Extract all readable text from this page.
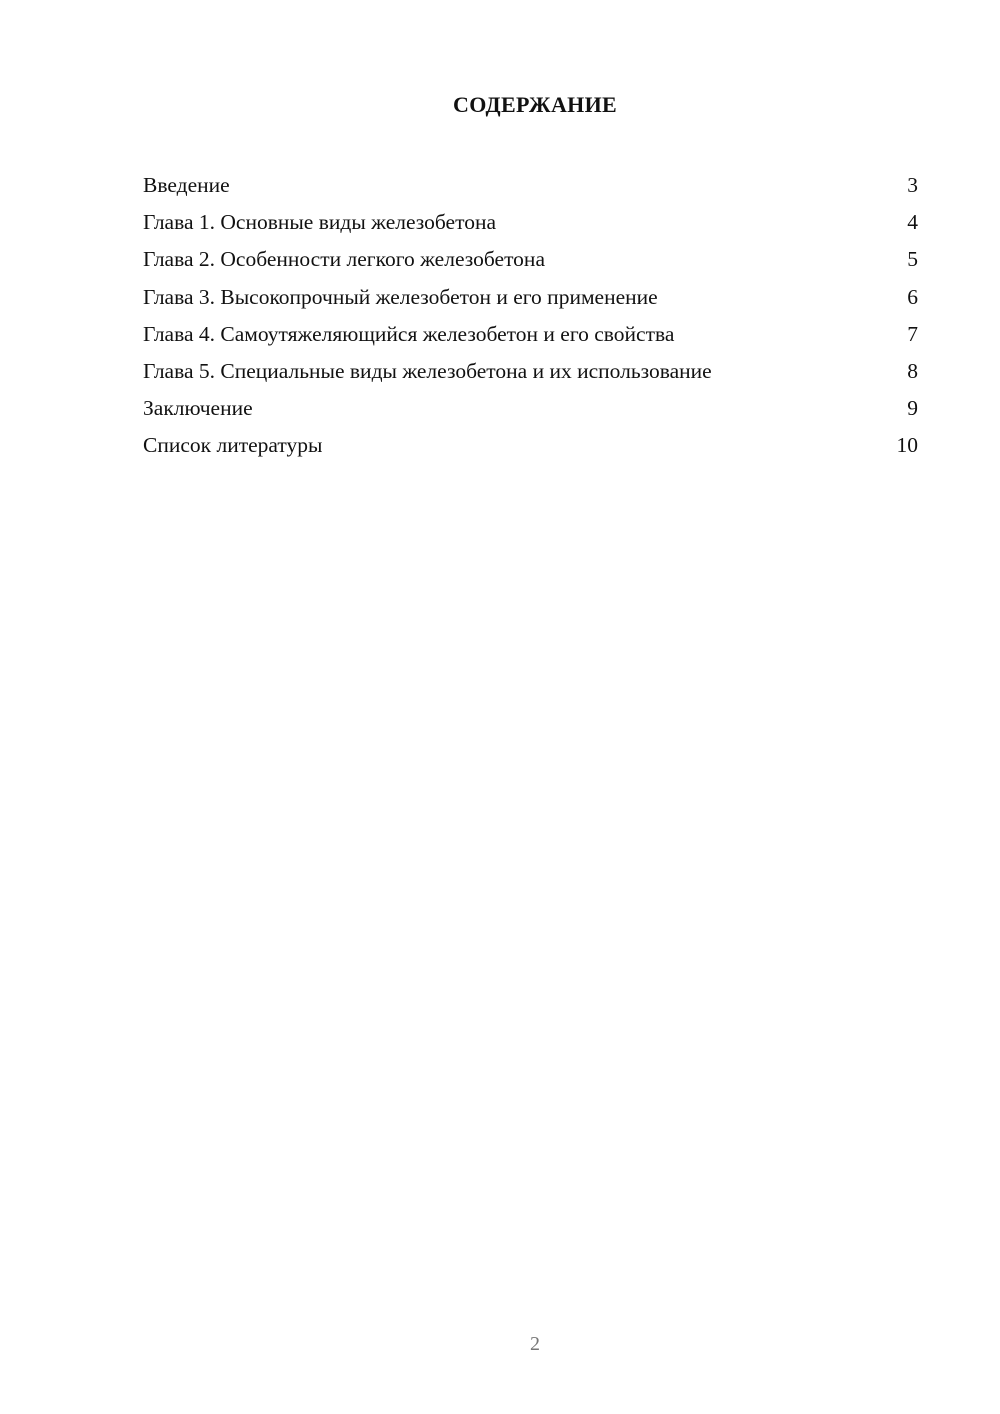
СОДЕРЖАНИЕ
Введение	3
Глава 1. Основные виды железобетона	4
Глава 2. Особенности легкого железобетона	5
Глава 3. Высокопрочный железобетон и его применение	6
Глава 4. Самоутяжеляющийся железобетон и его свойства	7
Глава 5. Специальные виды железобетона и их использование	8
Заключение	9
Список литературы	10
2
